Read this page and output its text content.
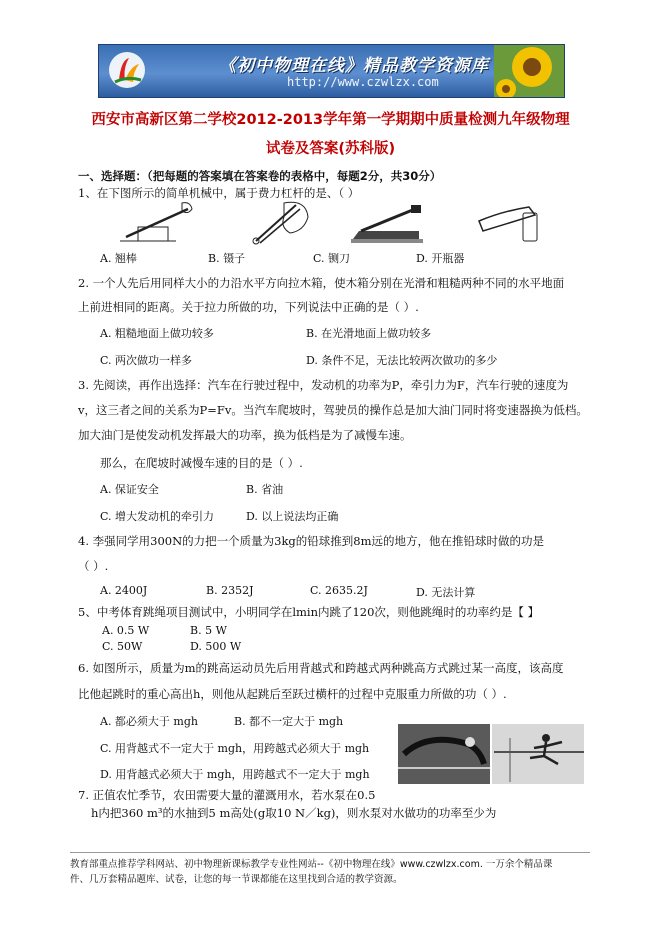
《初中物理在线》精品教学资源库
http://www.czwlzx.com
西安市高新区第二学校2012-2013学年第一学期期中质量检测九年级物理
试卷及答案(苏科版)
一、选择题：（把每题的答案填在答案卷的表格中，每题2分，共30分）
1、在下图所示的简单机械中，属于费力杠杆的是、（ ）
A. 翘棒	B. 镊子	C. 铡刀	D. 开瓶器
2. 一个人先后用同样大小的力沿水平方向拉木箱，使木箱分别在光滑和粗糙两种不同的水平地面
上前进相同的距离。关于拉力所做的功，下列说法中正确的是（ ）.
A. 粗糙地面上做功较多	B. 在光滑地面上做功较多
C. 两次做功一样多	D. 条件不足，无法比较两次做功的多少
3. 先阅读，再作出选择：汽车在行驶过程中，发动机的功率为P，牵引力为F，汽车行驶的速度为
v，这三者之间的关系为P=Fv。当汽车爬坡时，驾驶员的操作总是加大油门同时将变速器换为低档。
加大油门是使发动机发挥最大的功率，换为低档是为了减慢车速。
那么，在爬坡时减慢车速的目的是（ ）.
A. 保证安全	B. 省油
C. 增大发动机的牵引力	D. 以上说法均正确
4. 李强同学用300N的力把一个质量为3kg的铅球推到8m远的地方，他在推铅球时做的功是
（ ）.
A. 2400J	B. 2352J	C. 2635.2J	D. 无法计算
5、中考体育跳绳项目测试中，小明同学在lmin内跳了120次，则他跳绳时的功率约是【 】
A. 0.5 W	B. 5 W
C. 50W	D. 500 W
6. 如图所示，质量为m的跳高运动员先后用背越式和跨越式两种跳高方式跳过某一高度，该高度
比他起跳时的重心高出h，则他从起跳后至跃过横杆的过程中克服重力所做的功（ ）.
A. 都必须大于 mgh	B. 都不一定大于 mgh
C. 用背越式不一定大于 mgh，用跨越式必须大于 mgh
D. 用背越式必须大于 mgh，用跨越式不一定大于 mgh
7. 正值农忙季节，农田需要大量的灌溉用水，若水泵在0.5
h内把360 m³的水抽到5 m高处(g取10 N／kg)，则水泵对水做功的功率至少为
教育部重点推荐学科网站、初中物理新课标教学专业性网站--《初中物理在线》www.czwlzx.com. 一万余个精品课
件、几万套精品题库、试卷，让您的每一节课都能在这里找到合适的教学资源。
